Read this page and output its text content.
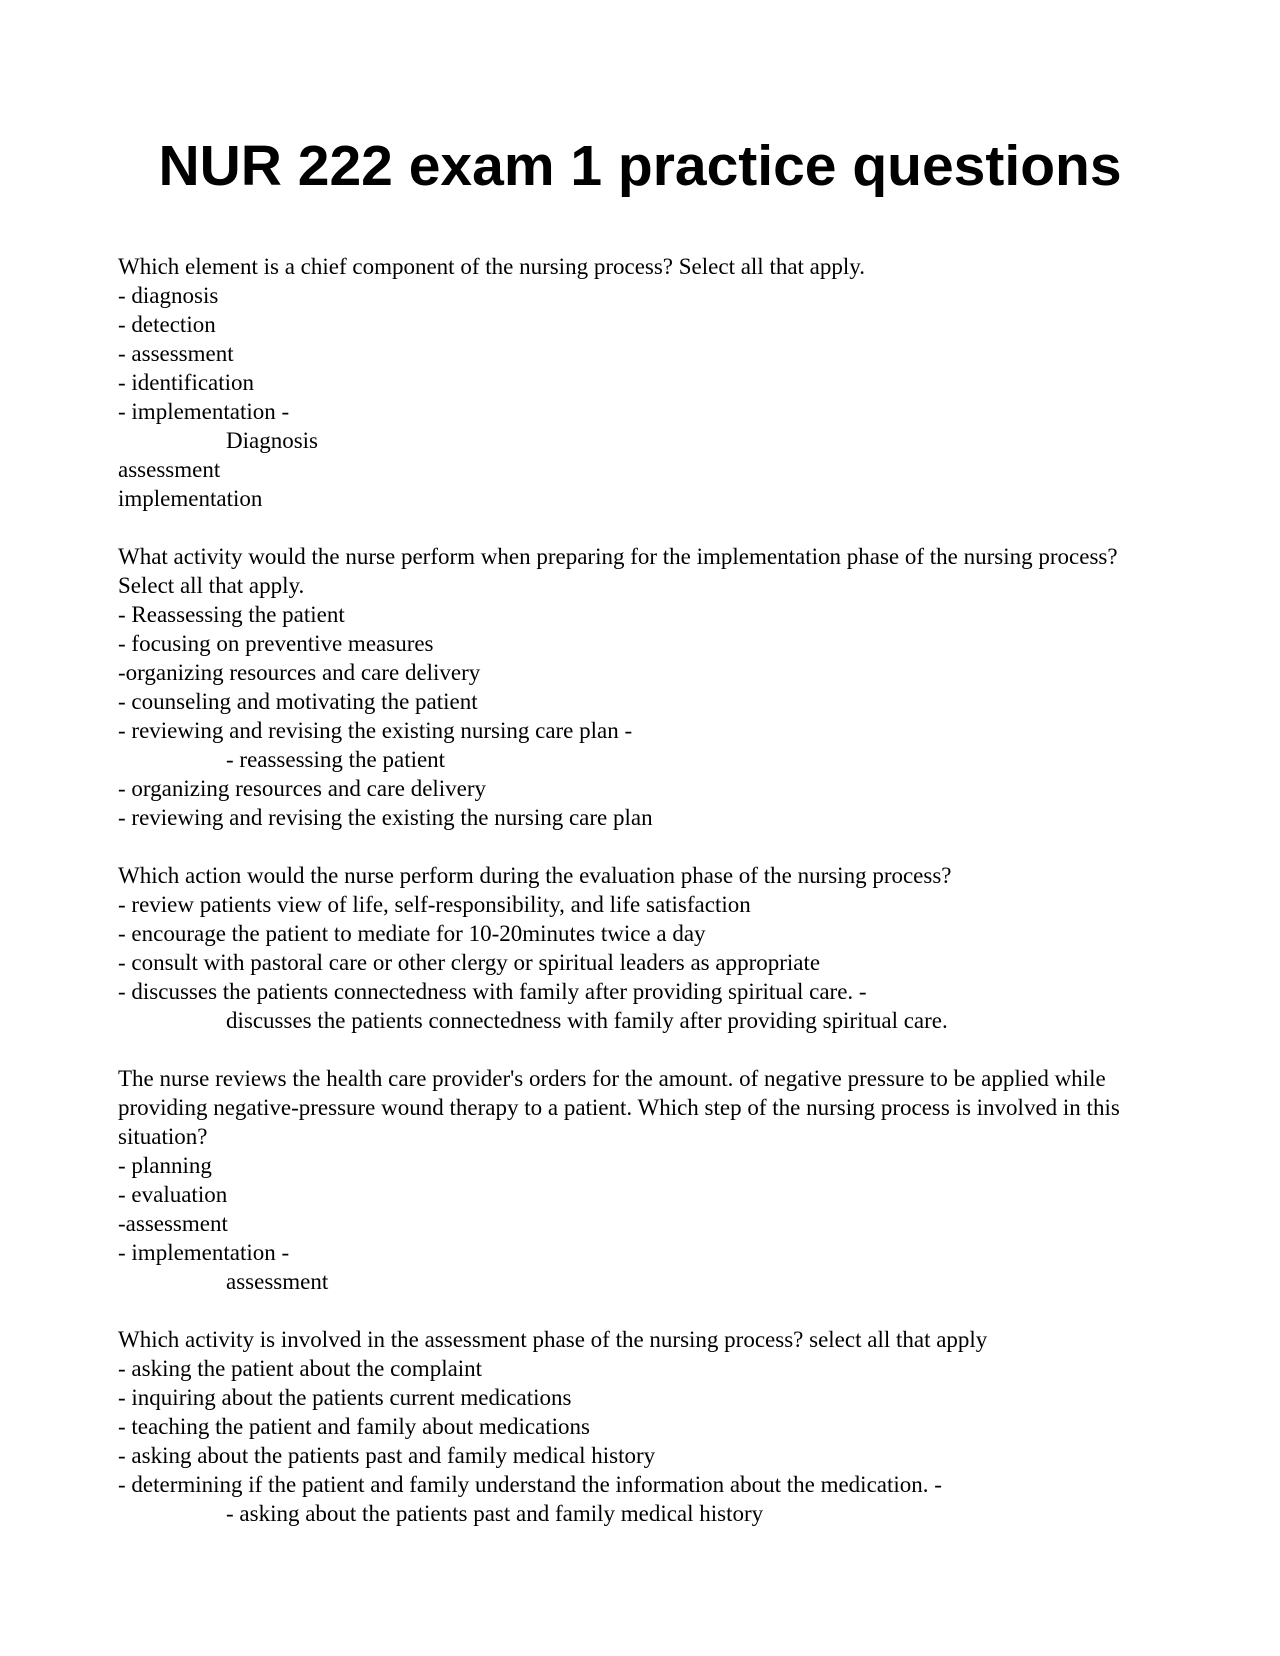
NUR 222 exam 1 practice questions
Which element is a chief component of the nursing process? Select all that apply.
- diagnosis
- detection
- assessment
- identification
- implementation -
Diagnosis
assessment
implementation
What activity would the nurse perform when preparing for the implementation phase of the nursing process? Select all that apply.
- Reassessing the patient
- focusing on preventive measures
-organizing resources and care delivery
- counseling and motivating the patient
- reviewing and revising the existing nursing care plan -
- reassessing the patient
- organizing resources and care delivery
- reviewing and revising the existing the nursing care plan
Which action would the nurse perform during the evaluation phase of the nursing process?
- review patients view of life, self-responsibility, and life satisfaction
- encourage the patient to mediate for 10-20minutes twice a day
- consult with pastoral care or other clergy or spiritual leaders as appropriate
- discusses the patients connectedness with family after providing spiritual care. -
discusses the patients connectedness with family after providing spiritual care.
The nurse reviews the health care provider's orders for the amount. of negative pressure to be applied while providing negative-pressure wound therapy to a patient. Which step of the nursing process is involved in this situation?
- planning
- evaluation
-assessment
- implementation -
assessment
Which activity is involved in the assessment phase of the nursing process? select all that apply
- asking the patient about the complaint
- inquiring about the patients current medications
- teaching the patient and family about medications
- asking about the patients past and family medical history
- determining if the patient and family understand the information about the medication. -
- asking about the patients past and family medical history
